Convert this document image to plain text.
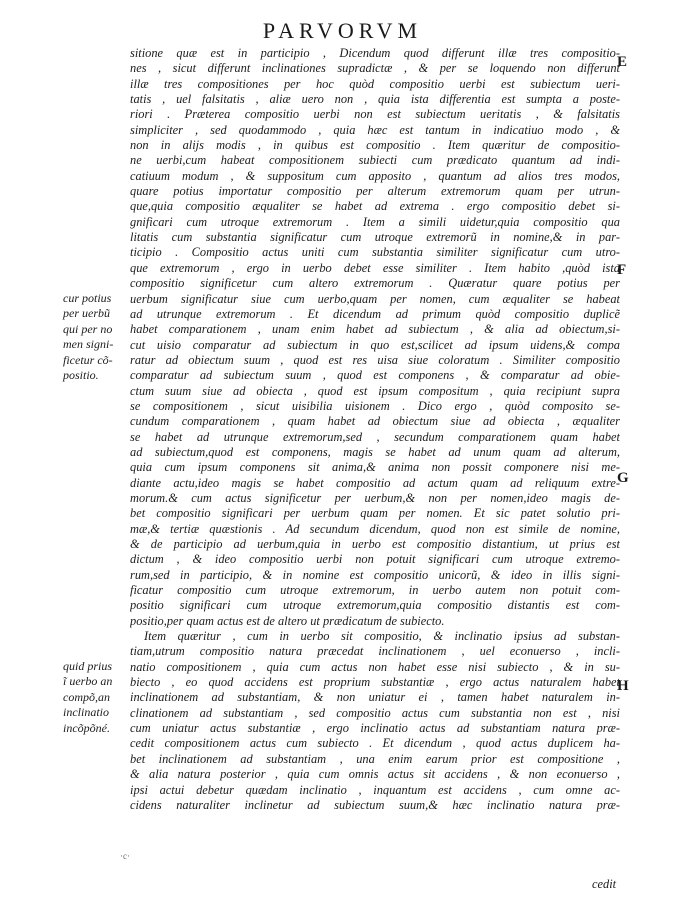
PARVORVM
sitione quæ est in participio , Dicendum quod differunt illæ tres compositio-
nes , sicut differunt inclinationes supradictæ , & per se loquendo non differunt
illæ tres compositiones per hoc quòd compositio uerbi est subiectum ueri-
tatis , uel falsitatis , aliæ uero non , quia ista differentia est sumpta a poste-
riori . Præterea compositio uerbi non est subiectum ueritatis , & falsitatis
simpliciter , sed quodammodo , quia hæc est tantum in indicatiuo modo , &
non in alijs modis , in quibus est compositio . Item quæritur de compositio-
ne uerbi,cum habeat compositionem subiecti cum prædicato quantum ad indi-
catiuum modum , & suppositum cum apposito , quantum ad alios tres modos,
quare potius importatur compositio per alterum extremorum quam per utrun-
que,quia compositio æqualiter se habet ad extrema . ergo compositio debet si-
gnificari cum utroque extremorum . Item a simili uidetur,quia compositio qua
litatis cum substantia significatur cum utroque extremorũ in nomine,& in par-
ticipio . Compositio actus uniti cum substantia similiter significatur cum utro-
que extremorum , ergo in uerbo debet esse similiter . Item habito ,quòd ista
compositio significetur cum altero extremorum . Quæratur quare potius per
uerbum significatur siue cum uerbo,quam per nomen, cum æqualiter se habeat
ad utrunque extremorum . Et dicendum ad primum quòd compositio duplicẽ
habet comparationem , unam enim habet ad subiectum , & alia ad obiectum,si-
cut uisio comparatur ad subiectum in quo est,scilicet ad ipsum uidens,& compa
ratur ad obiectum suum , quod est res uisa siue coloratum . Similiter compositio
comparatur ad subiectum suum , quod est componens , & comparatur ad obie-
ctum suum siue ad obiecta , quod est ipsum compositum , quia recipiunt supra
se compositionem , sicut uisibilia uisionem . Dico ergo , quòd composito se-
cundum comparationem , quam habet ad obiectum siue ad obiecta , æqualiter
se habet ad utrunque extremorum,sed , secundum comparationem quam habet
ad subiectum,quod est componens, magis se habet ad unum quam ad alterum,
quia cum ipsum componens sit anima,& anima non possit componere nisi me-
diante actu,ideo magis se habet compositio ad actum quam ad reliquum extre-
morum.& cum actus significetur per uerbum,& non per nomen,ideo magis de-
bet compositio significari per uerbum quam per nomen. Et sic patet solutio pri-
mæ,& tertiæ quæstionis . Ad secundum dicendum, quod non est simile de nomine,
& de participio ad uerbum,quia in uerbo est compositio distantium, ut prius est
dictum , & ideo compositio uerbi non potuit significari cum utroque extremo-
rum,sed in participio, & in nomine est compositio unicorũ, & ideo in illis signi-
ficatur compositio cum utroque extremorum, in uerbo autem non potuit com-
positio significari cum utroque extremorum,quia compositio distantis est com-
positio,per quam actus est de altero ut prædicatum de subiecto.
Item quæritur , cum in uerbo sit compositio, & inclinatio ipsius ad substan-
tiam,utrum compositio natura præcedat inclinationem , uel econuerso , incli-
natio compositionem , quia cum actus non habet esse nisi subiecto , & in su-
biecto , eo quod accidens est proprium substantiæ , ergo actus naturalem habet
inclinationem ad substantiam, & non uniatur ei , tamen habet naturalem in-
clinationem ad substantiam , sed compositio actus cum substantia non est , nisi
cum uniatur actus substantiæ , ergo inclinatio actus ad substantiam natura præ-
cedit compositionem actus cum subiecto . Et dicendum , quod actus duplicem ha-
bet inclinationem ad substantiam , una enim earum prior est compositione ,
& alia natura posterior , quia cum omnis actus sit accidens , & non econuerso ,
ipsi actui debetur quædam inclinatio , inquantum est accidens , cum omne ac-
cidens naturaliter inclinetur ad subiectum suum,& hæc inclinatio natura præ-
cur potius
per uerbũ
qui per no
men signi-
ficetur cõ-
positio.
quid prius
ĩ uerbo an
compõ,an
inclinatio
incõpõné.
E
F
G
H
·c·
cedit
